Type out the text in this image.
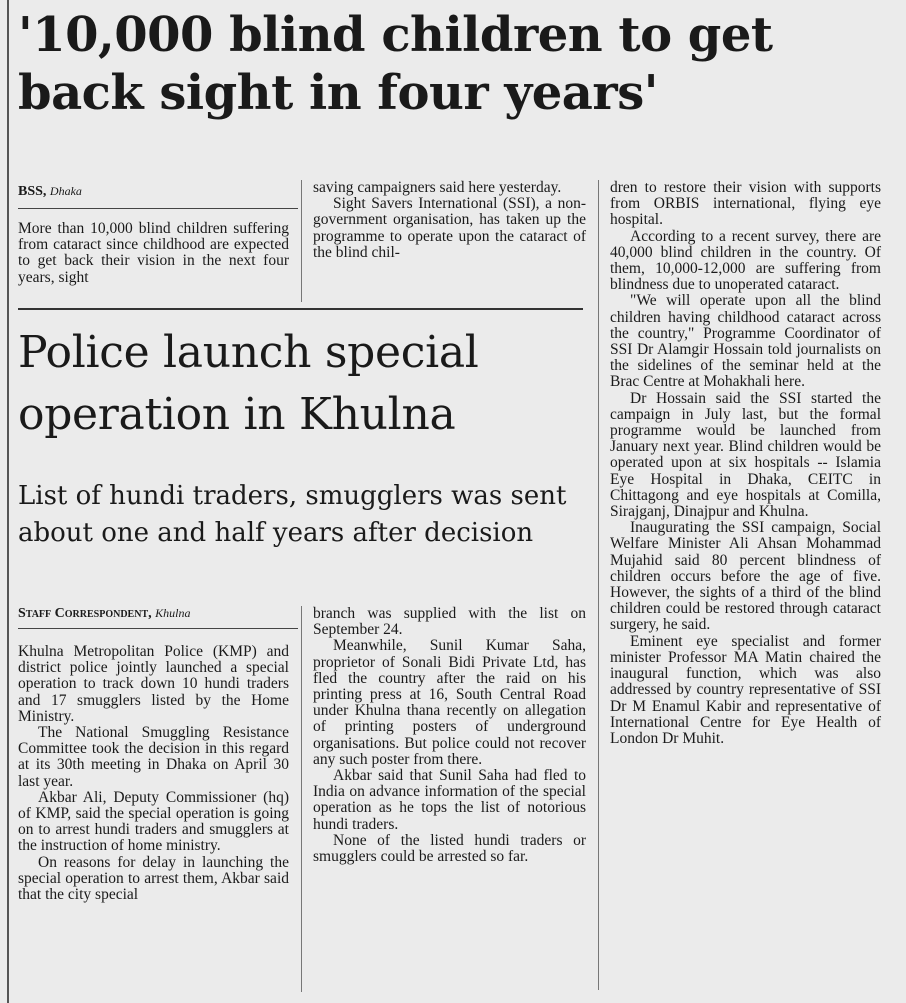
'10,000 blind children to get back sight in four years'
BSS, Dhaka

More than 10,000 blind children suffering from cataract since childhood are expected to get back their vision in the next four years, sight

saving campaigners said here yesterday.

Sight Savers International (SSI), a non-government organisation, has taken up the programme to operate upon the cataract of the blind chil-

dren to restore their vision with supports from ORBIS international, flying eye hospital.

According to a recent survey, there are 40,000 blind children in the country. Of them, 10,000-12,000 are suffering from blindness due to unoperated cataract.

"We will operate upon all the blind children having childhood cataract across the country," Programme Coordinator of SSI Dr Alamgir Hossain told journalists on the sidelines of the seminar held at the Brac Centre at Mohakhali here.

Dr Hossain said the SSI started the campaign in July last, but the formal programme would be launched from January next year. Blind children would be operated upon at six hospitals -- Islamia Eye Hospital in Dhaka, CEITC in Chittagong and eye hospitals at Comilla, Sirajganj, Dinajpur and Khulna.

Inaugurating the SSI campaign, Social Welfare Minister Ali Ahsan Mohammad Mujahid said 80 percent blindness of children occurs before the age of five. However, the sights of a third of the blind children could be restored through cataract surgery, he said.

Eminent eye specialist and former minister Professor MA Matin chaired the inaugural function, which was also addressed by country representative of SSI Dr M Enamul Kabir and representative of International Centre for Eye Health of London Dr Muhit.

Police launch special operation in Khulna
List of hundi traders, smugglers was sent about one and half years after decision
Staff Correspondent, Khulna

Khulna Metropolitan Police (KMP) and district police jointly launched a special operation to track down 10 hundi traders and 17 smugglers listed by the Home Ministry.

The National Smuggling Resistance Committee took the decision in this regard at its 30th meeting in Dhaka on April 30 last year.

Akbar Ali, Deputy Commissioner (hq) of KMP, said the special operation is going on to arrest hundi traders and smugglers at the instruction of home ministry.

On reasons for delay in launching the special operation to arrest them, Akbar said that the city special

branch was supplied with the list on September 24.

Meanwhile, Sunil Kumar Saha, proprietor of Sonali Bidi Private Ltd, has fled the country after the raid on his printing press at 16, South Central Road under Khulna thana recently on allegation of printing posters of underground organisations. But police could not recover any such poster from there.

Akbar said that Sunil Saha had fled to India on advance information of the special operation as he tops the list of notorious hundi traders.

None of the listed hundi traders or smugglers could be arrested so far.
